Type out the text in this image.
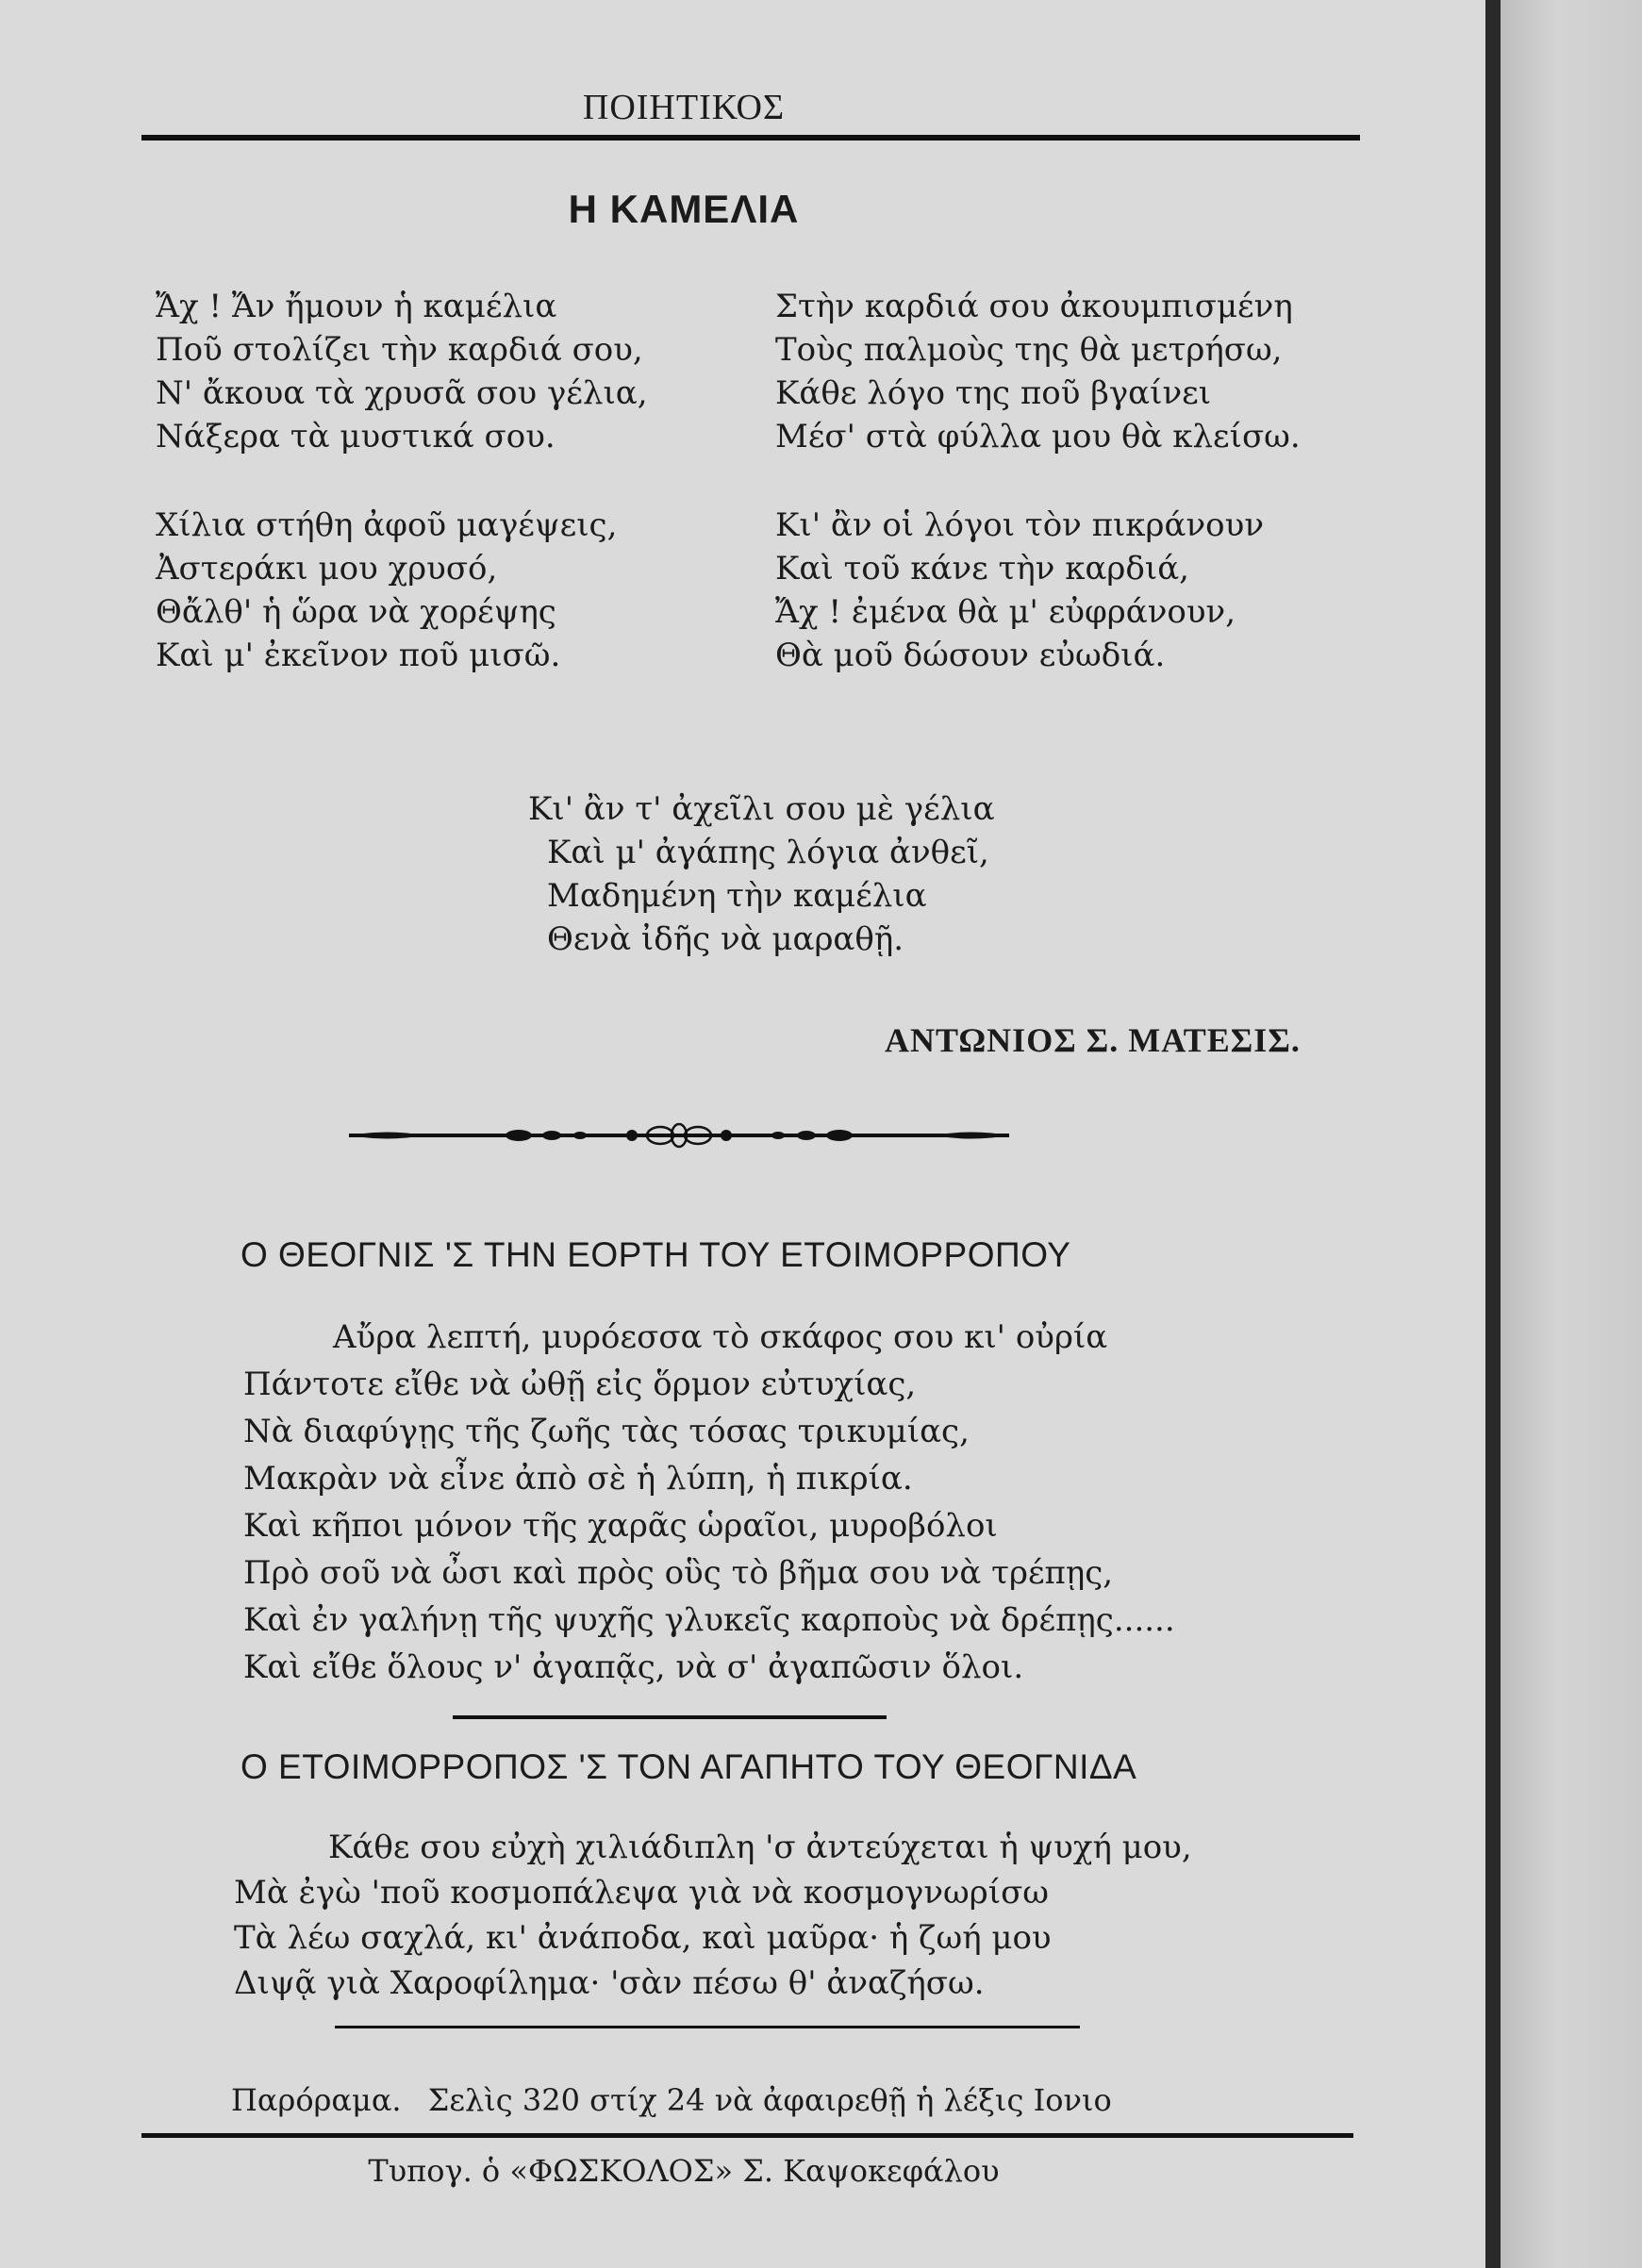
ΠΟΙΗΤΙΚΟΣ
Η ΚΑΜΕΛΙΑ
Ἄχ ! Ἄν ἤμουν ἡ καμέλια
Ποῦ στολίζει τὴν καρδιά σου,
Ν' ἄκουα τὰ χρυσᾶ σου γέλια,
Νάξερα τὰ μυστικά σου.
Χίλια στήθη ἀφοῦ μαγέψεις,
Ἀστεράκι μου χρυσό,
Θἄλθ' ἡ ὥρα νὰ χορέψης
Καὶ μ' ἐκεῖνον ποῦ μισῶ.
Στὴν καρδιά σου ἀκουμπισμένη
Τοὺς παλμοὺς της θὰ μετρήσω,
Κάθε λόγο της ποῦ βγαίνει
Μέσ' στὰ φύλλα μου θὰ κλείσω.
Κι' ἂν οἱ λόγοι τὸν πικράνουν
Καὶ τοῦ κάνε τὴν καρδιά,
Ἄχ ! ἐμένα θὰ μ' εὐφράνουν,
Θὰ μοῦ δώσουν εὐωδιά.
Κι' ἂν τ' ἀχεῖλι σου μὲ γέλια
Καὶ μ' ἀγάπης λόγια ἀνθεῖ,
Μαδημένη τὴν καμέλια
Θενὰ ἰδῆς νὰ μαραθῇ.
ΑΝΤΩΝΙΟΣ Σ. ΜΑΤΕΣΙΣ.
Ο ΘΕΟΓΝΙΣ 'Σ ΤΗΝ ΕΟΡΤΗ ΤΟΥ ΕΤΟΙΜΟΡΡΟΠΟΥ
Αὔρα λεπτή, μυρόεσσα τὸ σκάφος σου κι' οὐρία
Πάντοτε εἴθε νὰ ὠθῇ εἰς ὅρμον εὐτυχίας,
Νὰ διαφύγῃς τῆς ζωῆς τὰς τόσας τρικυμίας,
Μακρὰν νὰ εἶνε ἀπὸ σὲ ἡ λύπη, ἡ πικρία.
Καὶ κῆποι μόνον τῆς χαρᾶς ὡραῖοι, μυροβόλοι
Πρὸ σοῦ νὰ ὦσι καὶ πρὸς οὓς τὸ βῆμα σου νὰ τρέπῃς,
Καὶ ἐν γαλήνῃ τῆς ψυχῆς γλυκεῖς καρποὺς νὰ δρέπῃς......
Καὶ εἴθε ὅλους ν' ἀγαπᾷς, νὰ σ' ἀγαπῶσιν ὅλοι.
Ο ΕΤΟΙΜΟΡΡΟΠΟΣ 'Σ ΤΟΝ ΑΓΑΠΗΤΟ ΤΟΥ ΘΕΟΓΝΙΔΑ
Κάθε σου εὐχὴ χιλιάδιπλη 'σ ἀντεύχεται ἡ ψυχή μου,
Μὰ ἐγὼ 'ποῦ κοσμοπάλεψα γιὰ νὰ κοσμογνωρίσω
Τὰ λέω σαχλά, κι' ἀνάποδα, καὶ μαῦρα· ἡ ζωή μου
Διψᾷ γιὰ Χαροφίλημα· 'σὰν πέσω θ' ἀναζήσω.
Παρόραμα. Σελὶς 320 στίχ 24 νὰ ἀφαιρεθῇ ἡ λέξις Ιονιο
Τυπογ. ὁ «ΦΩΣΚΟΛΟΣ» Σ. Καψοκεφάλου
